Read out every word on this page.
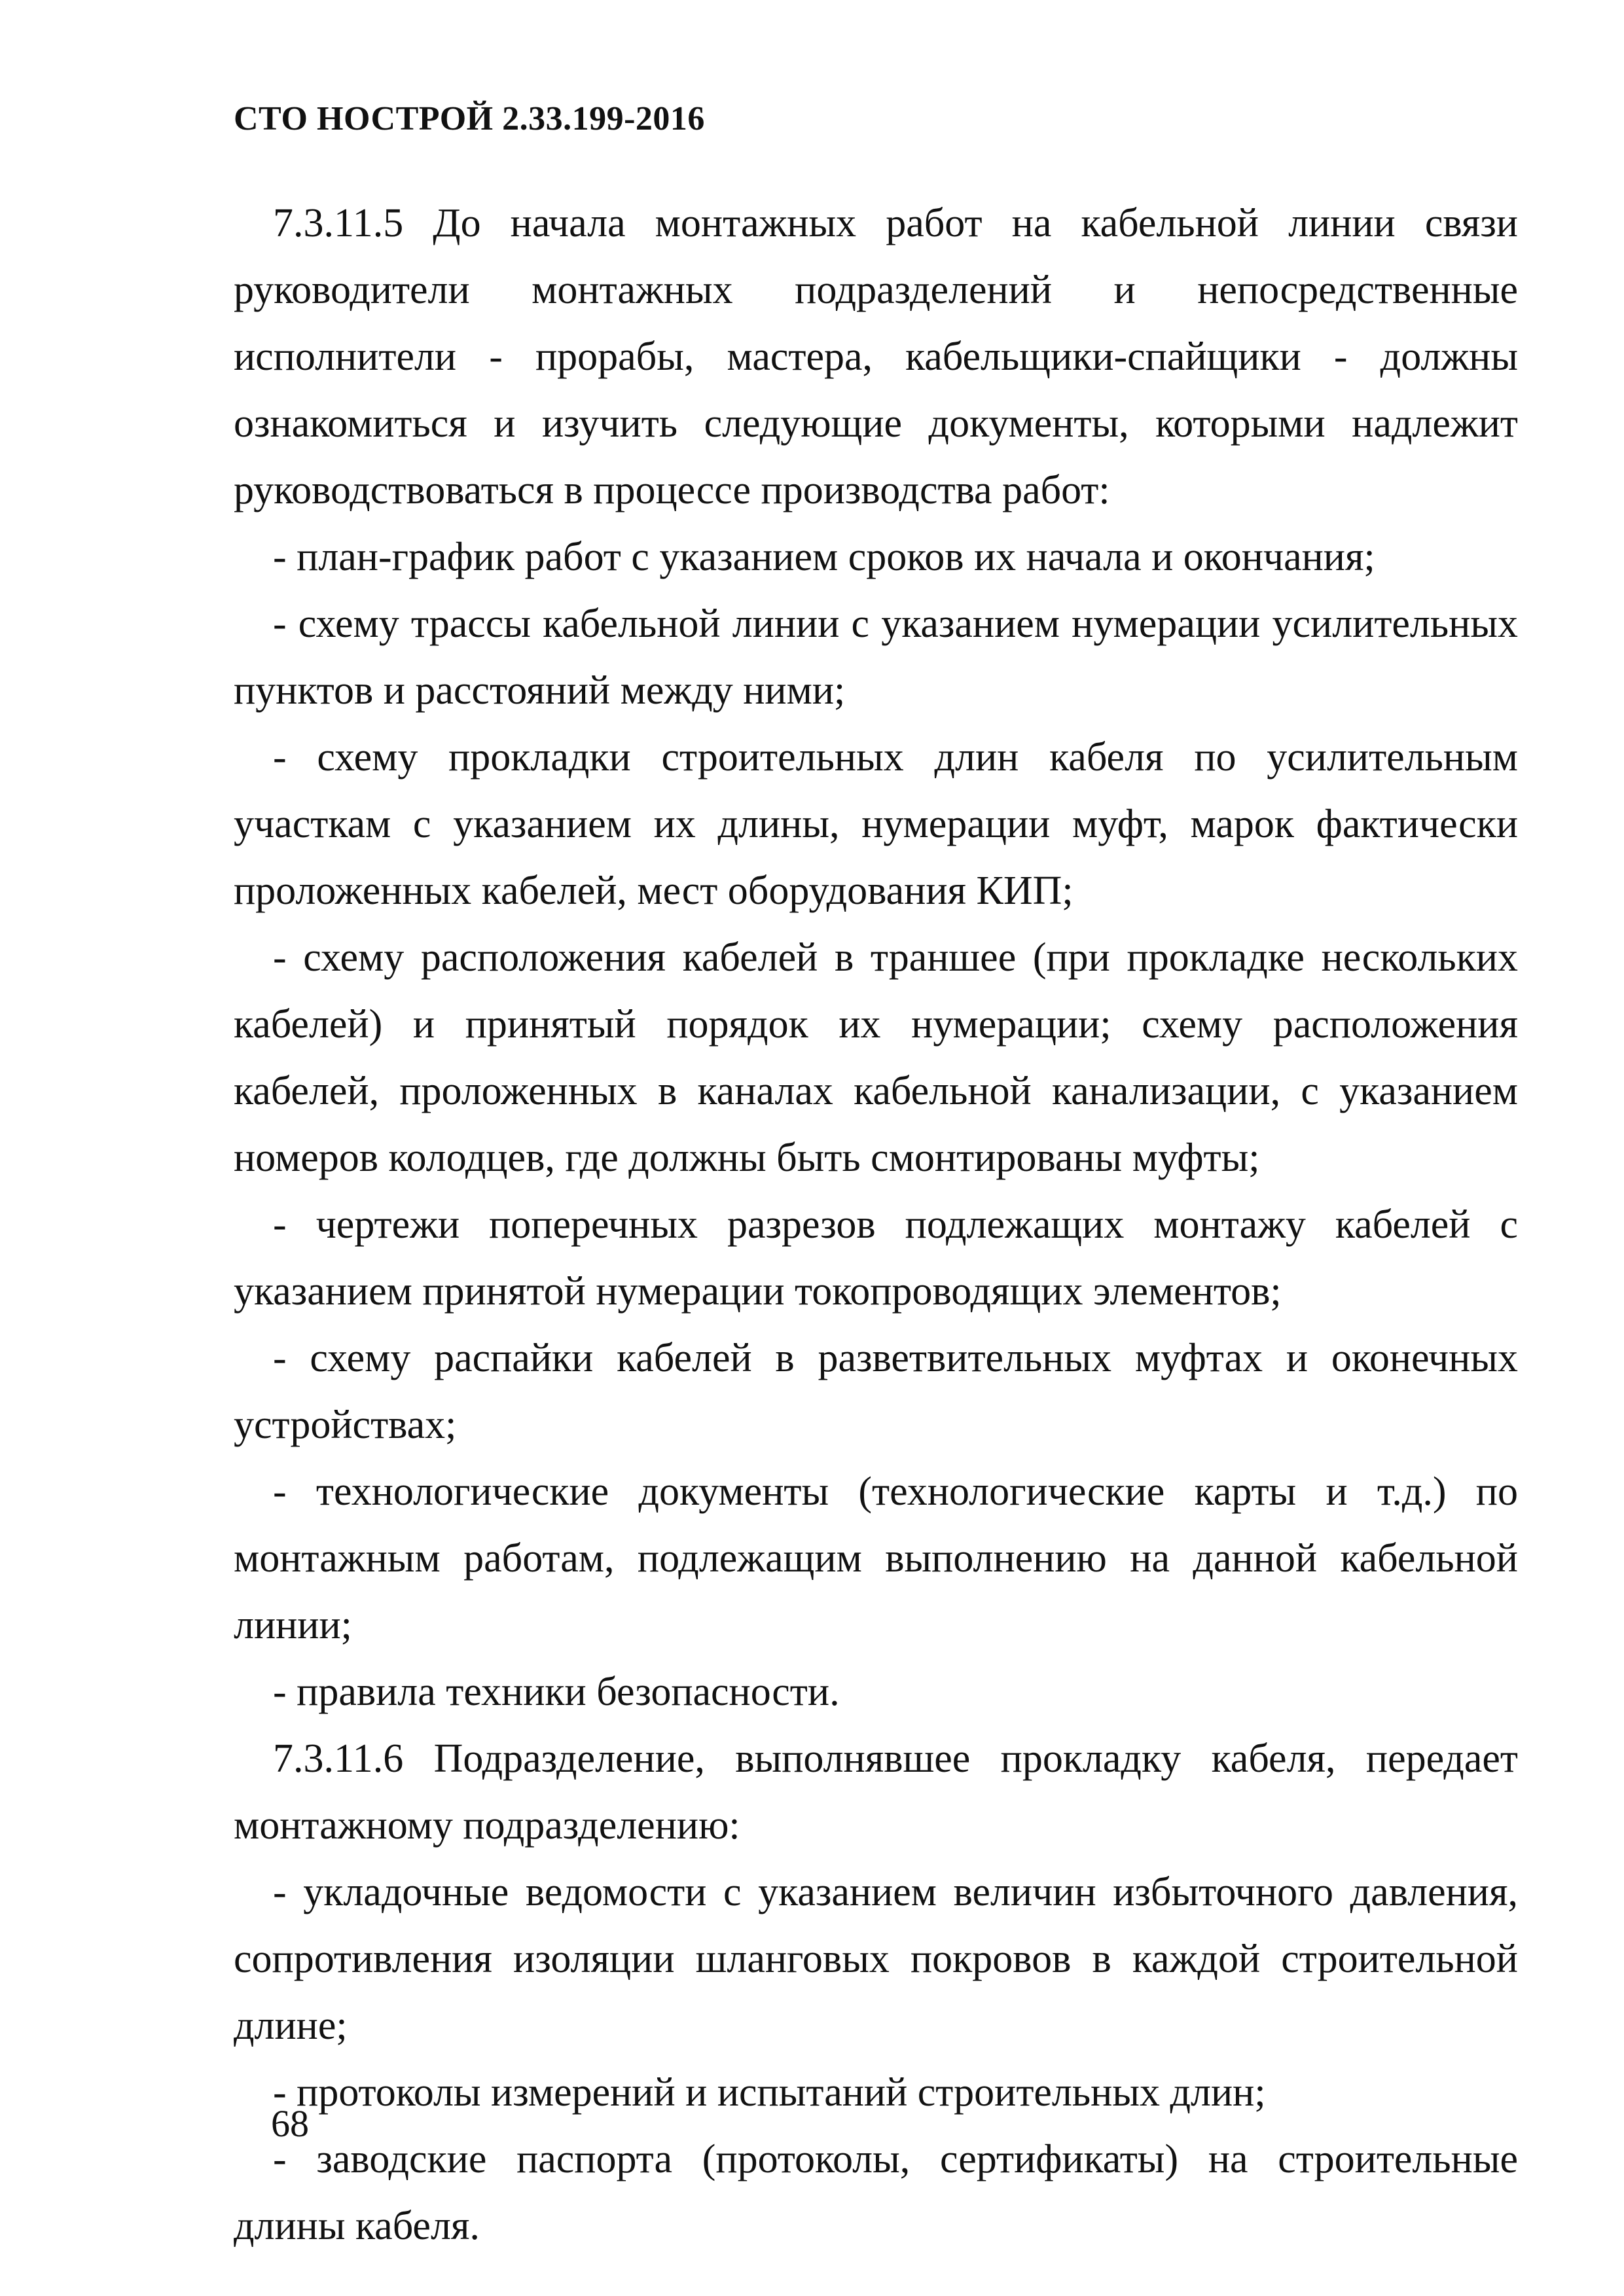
СТО НОСТРОЙ 2.33.199-2016

7.3.11.5 До начала монтажных работ на кабельной линии связи руководители монтажных подразделений и непосредственные исполнители - прорабы, мастера, кабельщики-спайщики - должны ознакомиться и изучить следующие документы, которыми надлежит руководствоваться в процессе производства работ:

- план-график работ с указанием сроков их начала и окончания;

- схему трассы кабельной линии с указанием нумерации усилительных пунктов и расстояний между ними;

- схему прокладки строительных длин кабеля по усилительным участкам с указанием их длины, нумерации муфт, марок фактически проложенных кабелей, мест оборудования КИП;

- схему расположения кабелей в траншее (при прокладке нескольких кабелей) и принятый порядок их нумерации; схему расположения кабелей, проложенных в каналах кабельной канализации, с указанием номеров колодцев, где должны быть смонтированы муфты;

- чертежи поперечных разрезов подлежащих монтажу кабелей с указанием принятой нумерации токопроводящих элементов;

- схему распайки кабелей в разветвительных муфтах и оконечных устройствах;

- технологические документы (технологические карты и т.д.) по монтажным работам, подлежащим выполнению на данной кабельной линии;

- правила техники безопасности.

7.3.11.6 Подразделение, выполнявшее прокладку кабеля, передает монтажному подразделению:

- укладочные ведомости с указанием величин избыточного давления, сопротивления изоляции шланговых покровов в каждой строительной длине;

- протоколы измерений и испытаний строительных длин;

- заводские паспорта (протоколы, сертификаты) на строительные длины кабеля.

68
